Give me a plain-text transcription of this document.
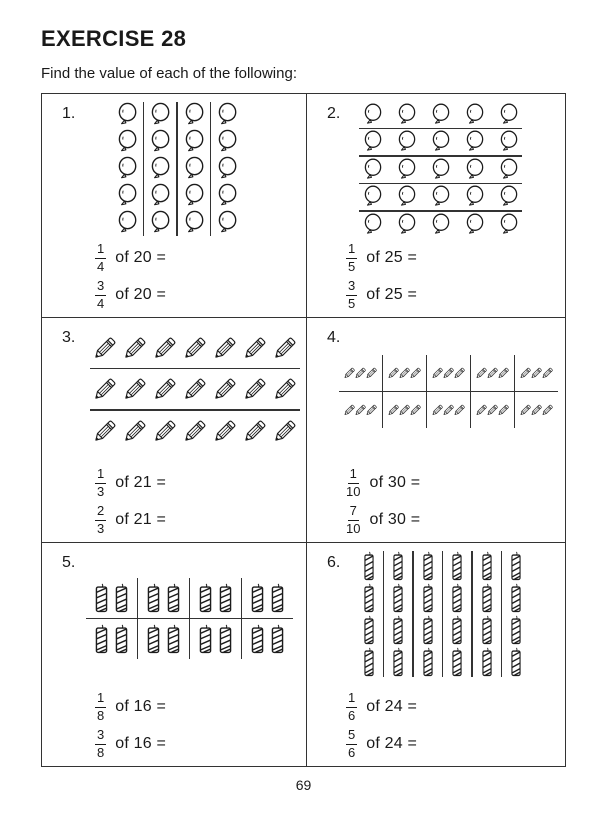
EXERCISE 28

Find the value of each of the following:

1.
$\frac{1}{4}$ of 20 =
$\frac{3}{4}$ of 20 =
2.
$\frac{1}{5}$ of 25 =
$\frac{3}{5}$ of 25 =
3.
$\frac{1}{3}$ of 21 =
$\frac{2}{3}$ of 21 =
4.
$\frac{1}{10}$ of 30 =
$\frac{7}{10}$ of 30 =
5.
$\frac{1}{8}$ of 16 =
$\frac{3}{8}$ of 16 =
6.
$\frac{1}{6}$ of 24 =
$\frac{5}{6}$ of 24 =
69
